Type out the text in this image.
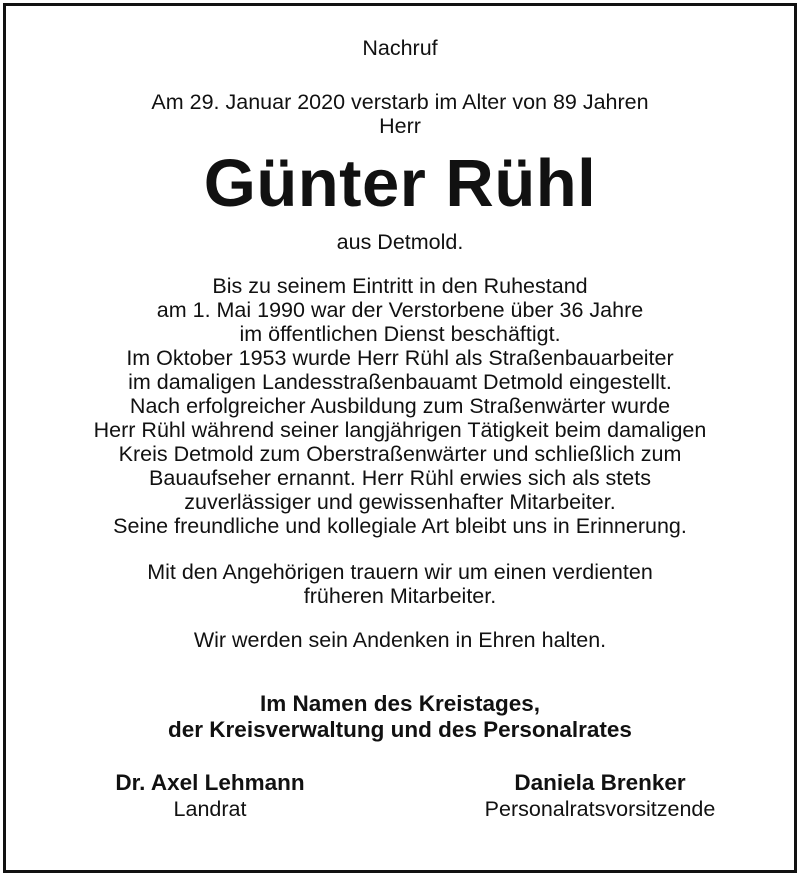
Nachruf
Am 29. Januar 2020 verstarb im Alter von 89 Jahren
Herr
Günter Rühl
aus Detmold.
Bis zu seinem Eintritt in den Ruhestand
am 1. Mai 1990 war der Verstorbene über 36 Jahre
im öffentlichen Dienst beschäftigt.
Im Oktober 1953 wurde Herr Rühl als Straßenbauarbeiter
im damaligen Landesstraßenbauamt Detmold eingestellt.
Nach erfolgreicher Ausbildung zum Straßenwärter wurde
Herr Rühl während seiner langjährigen Tätigkeit beim damaligen
Kreis Detmold zum Oberstraßenwärter und schließlich zum
Bauaufseher ernannt. Herr Rühl erwies sich als stets
zuverlässiger und gewissenhafter Mitarbeiter.
Seine freundliche und kollegiale Art bleibt uns in Erinnerung.
Mit den Angehörigen trauern wir um einen verdienten
früheren Mitarbeiter.
Wir werden sein Andenken in Ehren halten.
Im Namen des Kreistages,
der Kreisverwaltung und des Personalrates
Dr. Axel Lehmann
Landrat
Daniela Brenker
Personalratsvorsitzende
